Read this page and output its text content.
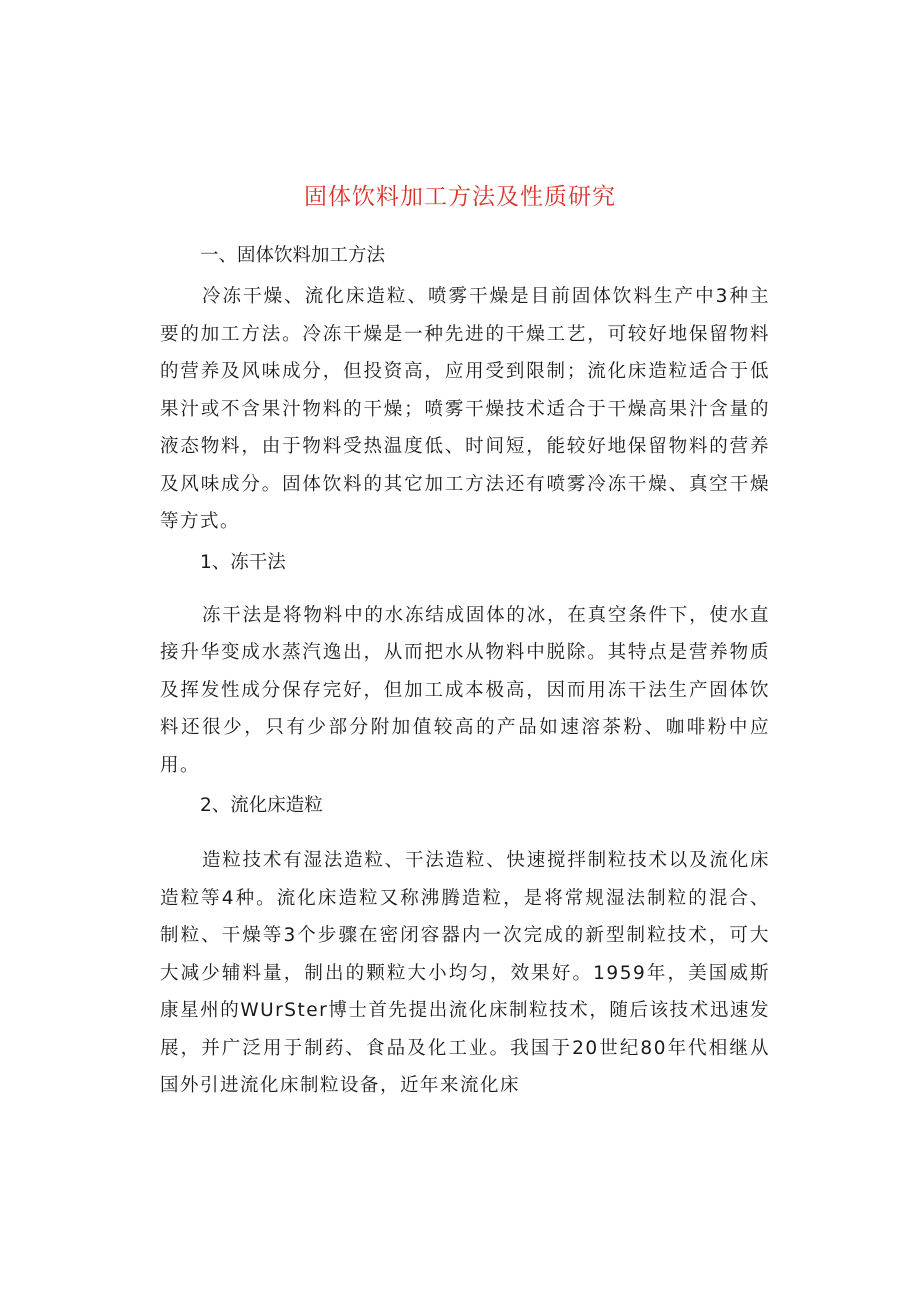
固体饮料加工方法及性质研究
一、固体饮料加工方法

冷冻干燥、流化床造粒、喷雾干燥是目前固体饮料生产中3种主要的加工方法。冷冻干燥是一种先进的干燥工艺，可较好地保留物料的营养及风味成分，但投资高，应用受到限制；流化床造粒适合于低果汁或不含果汁物料的干燥；喷雾干燥技术适合于干燥高果汁含量的液态物料，由于物料受热温度低、时间短，能较好地保留物料的营养及风味成分。固体饮料的其它加工方法还有喷雾冷冻干燥、真空干燥等方式。

1、冻干法

冻干法是将物料中的水冻结成固体的冰，在真空条件下，使水直接升华变成水蒸汽逸出，从而把水从物料中脱除。其特点是营养物质及挥发性成分保存完好，但加工成本极高，因而用冻干法生产固体饮料还很少，只有少部分附加值较高的产品如速溶茶粉、咖啡粉中应用。

2、流化床造粒

造粒技术有湿法造粒、干法造粒、快速搅拌制粒技术以及流化床造粒等4种。流化床造粒又称沸腾造粒，是将常规湿法制粒的混合、制粒、干燥等3个步骤在密闭容器内一次完成的新型制粒技术，可大大减少辅料量，制出的颗粒大小均匀，效果好。1959年，美国威斯康星州的WUrSter博士首先提出流化床制粒技术，随后该技术迅速发展，并广泛用于制药、食品及化工业。我国于20世纪80年代相继从国外引进流化床制粒设备，近年来流化床
